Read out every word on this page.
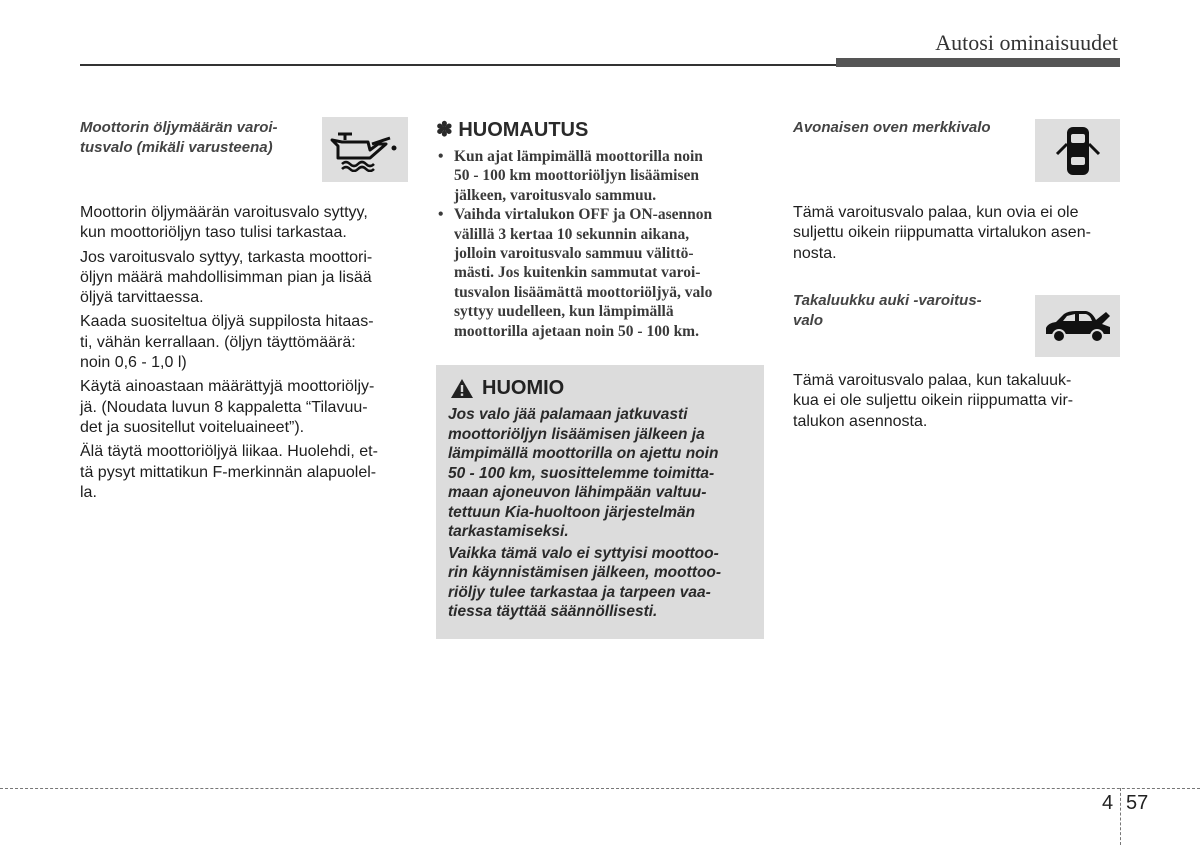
Autosi ominaisuudet
Moottorin öljymäärän varoi-
tusvalo (mikäli varusteena)

Moottorin öljymäärän varoitusvalo syttyy,
kun moottoriöljyn taso tulisi tarkastaa.

Jos varoitusvalo syttyy, tarkasta moottori-
öljyn määrä mahdollisimman pian ja lisää
öljyä tarvittaessa.

Kaada suositeltua öljyä suppilosta hitaas-
ti, vähän kerrallaan. (öljyn täyttömäärä:
noin 0,6 - 1,0 l)

Käytä ainoastaan määrättyjä moottoriöljy-
jä. (Noudata luvun 8 kappaletta “Tilavuu-
det ja suositellut voiteluaineet”).

Älä täytä moottoriöljyä liikaa. Huolehdi, et-
tä pysyt mittatikun F-merkinnän alapuolel-
la.

✽ HUOMAUTUS
• Kun ajat lämpimällä moottorilla noin
50 - 100 km moottoriöljyn lisäämisen
jälkeen, varoitusvalo sammuu.
• Vaihda virtalukon OFF ja ON-asennon
välillä 3 kertaa 10 sekunnin aikana,
jolloin varoitusvalo sammuu välittö-
mästi. Jos kuitenkin sammutat varoi-
tusvalon lisäämättä moottoriöljyä, valo
syttyy uudelleen, kun lämpimällä
moottorilla ajetaan noin 50 - 100 km.
HUOMIO

Jos valo jää palamaan jatkuvasti
moottoriöljyn lisäämisen jälkeen ja
lämpimällä moottorilla on ajettu noin
50 - 100 km, suosittelemme toimitta-
maan ajoneuvon lähimpään valtuu-
tettuun Kia-huoltoon järjestelmän
tarkastamiseksi.

Vaikka tämä valo ei syttyisi moottoo-
rin käynnistämisen jälkeen, moottoo-
riöljy tulee tarkastaa ja tarpeen vaa-
tiessa täyttää säännöllisesti.

Avonaisen oven merkkivalo

Tämä varoitusvalo palaa, kun ovia ei ole
suljettu oikein riippumatta virtalukon asen-
nosta.

Takaluukku auki -varoitus-
valo

Tämä varoitusvalo palaa, kun takaluuk-
kua ei ole suljettu oikein riippumatta vir-
talukon asennosta.

4 57
